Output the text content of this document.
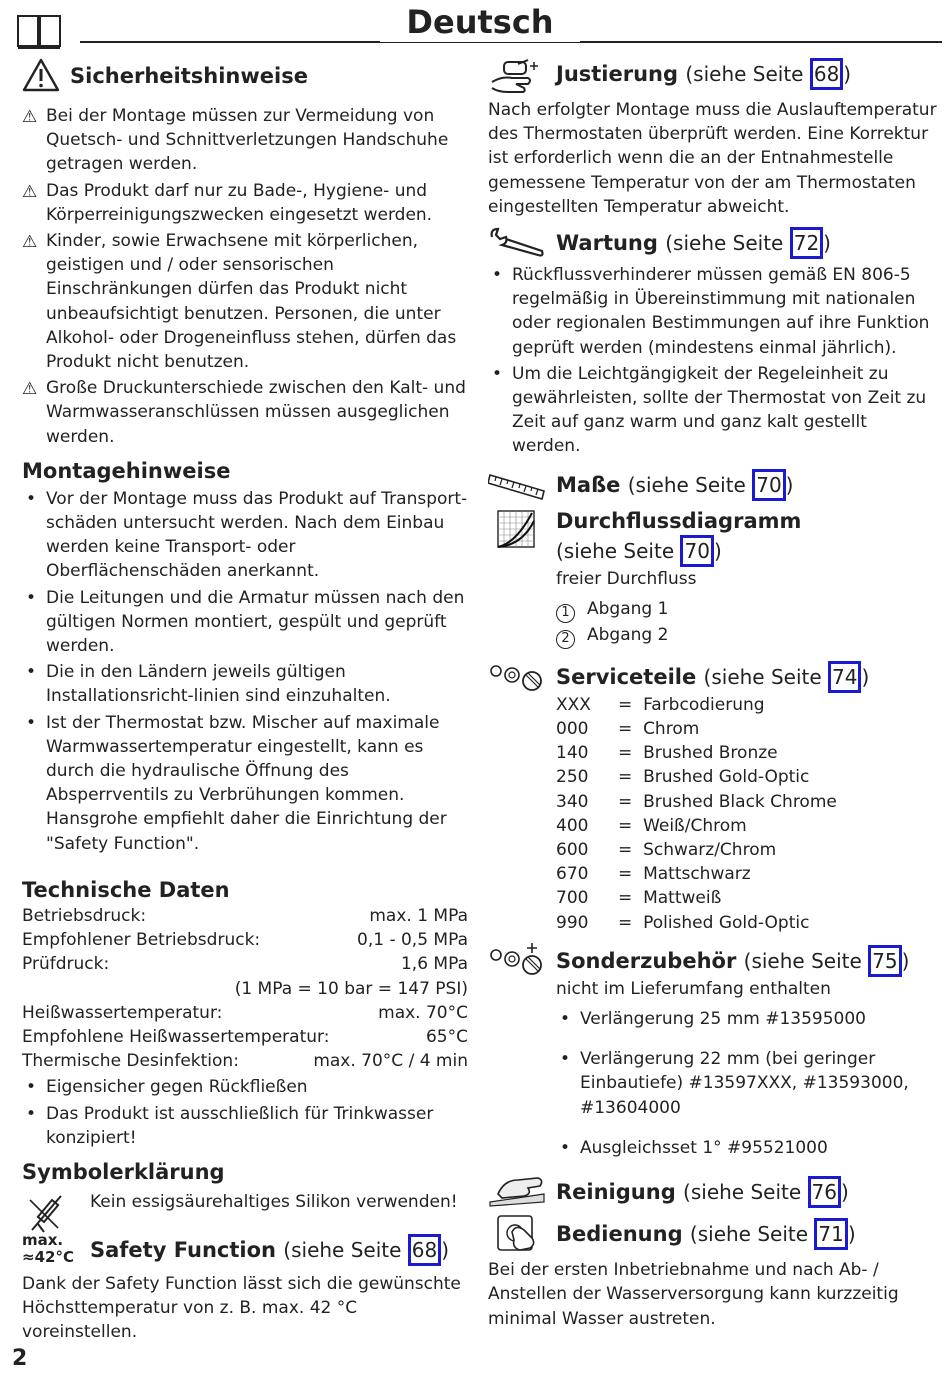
Deutsch
Sicherheitshinweise
⚠ Bei der Montage müssen zur Vermeidung von Quetsch- und Schnittverletzungen Handschuhe getragen werden.
⚠ Das Produkt darf nur zu Bade-, Hygiene- und Körperreinigungszwecken eingesetzt werden.
⚠ Kinder, sowie Erwachsene mit körperlichen, geistigen und / oder sensorischen Einschränkungen dürfen das Produkt nicht unbeaufsichtigt benutzen. Personen, die unter Alkohol- oder Drogeneinfluss stehen, dürfen das Produkt nicht benutzen.
⚠ Große Druckunterschiede zwischen den Kalt- und Warmwasseranschlüssen müssen ausgeglichen werden.
Montagehinweise
• Vor der Montage muss das Produkt auf Transport-schäden untersucht werden. Nach dem Einbau werden keine Transport- oder Oberflächenschäden anerkannt.
• Die Leitungen und die Armatur müssen nach den gültigen Normen montiert, gespült und geprüft werden.
• Die in den Ländern jeweils gültigen Installationsricht-linien sind einzuhalten.
• Ist der Thermostat bzw. Mischer auf maximale Warmwassertemperatur eingestellt, kann es durch die hydraulische Öffnung des Absperrventils zu Verbrühungen kommen. Hansgrohe empfiehlt daher die Einrichtung der "Safety Function".
Technische Daten
Betriebsdruck:	max. 1 MPa
Empfohlener Betriebsdruck:	0,1 - 0,5 MPa
Prüfdruck:	1,6 MPa
(1 MPa = 10 bar = 147 PSI)
Heißwassertemperatur:	max. 70°C
Empfohlene Heißwassertemperatur:	65°C
Thermische Desinfektion:	max. 70°C / 4 min
• Eigensicher gegen Rückfließen
• Das Produkt ist ausschließlich für Trinkwasser konzipiert!
Symbolerklärung
Kein essigsäurehaltiges Silikon verwenden!
max.
≈42°C Safety Function (siehe Seite 68 )
Dank der Safety Function lässt sich die gewünschte Höchsttemperatur von z. B. max. 42 °C voreinstellen.
Justierung (siehe Seite 68 )
Nach erfolgter Montage muss die Auslauftemperatur des Thermostaten überprüft werden. Eine Korrektur ist erforderlich wenn die an der Entnahmestelle gemessene Temperatur von der am Thermostaten eingestellten Temperatur abweicht.
Wartung (siehe Seite 72 )
• Rückflussverhinderer müssen gemäß EN 806-5 regelmäßig in Übereinstimmung mit nationalen oder regionalen Bestimmungen auf ihre Funktion geprüft werden (mindestens einmal jährlich).
• Um die Leichtgängigkeit der Regeleinheit zu gewährleisten, sollte der Thermostat von Zeit zu Zeit auf ganz warm und ganz kalt gestellt werden.
Maße (siehe Seite 70 )
Durchflussdiagramm
(siehe Seite 70 )
freier Durchfluss
1 Abgang 1
2 Abgang 2
Serviceteile (siehe Seite 74 )
XXX	= Farbcodierung
000	= Chrom
140	= Brushed Bronze
250	= Brushed Gold-Optic
340	= Brushed Black Chrome
400	= Weiß/Chrom
600	= Schwarz/Chrom
670	= Mattschwarz
700	= Mattweiß
990	= Polished Gold-Optic
Sonderzubehör (siehe Seite 75 )
nicht im Lieferumfang enthalten
• Verlängerung 25 mm #13595000
• Verlängerung 22 mm (bei geringer Einbautiefe) #13597XXX, #13593000, #13604000
• Ausgleichsset 1° #95521000
Reinigung (siehe Seite 76 )
Bedienung (siehe Seite 71 )
Bei der ersten Inbetriebnahme und nach Ab- / Anstellen der Wasserversorgung kann kurzzeitig minimal Wasser austreten.
2
